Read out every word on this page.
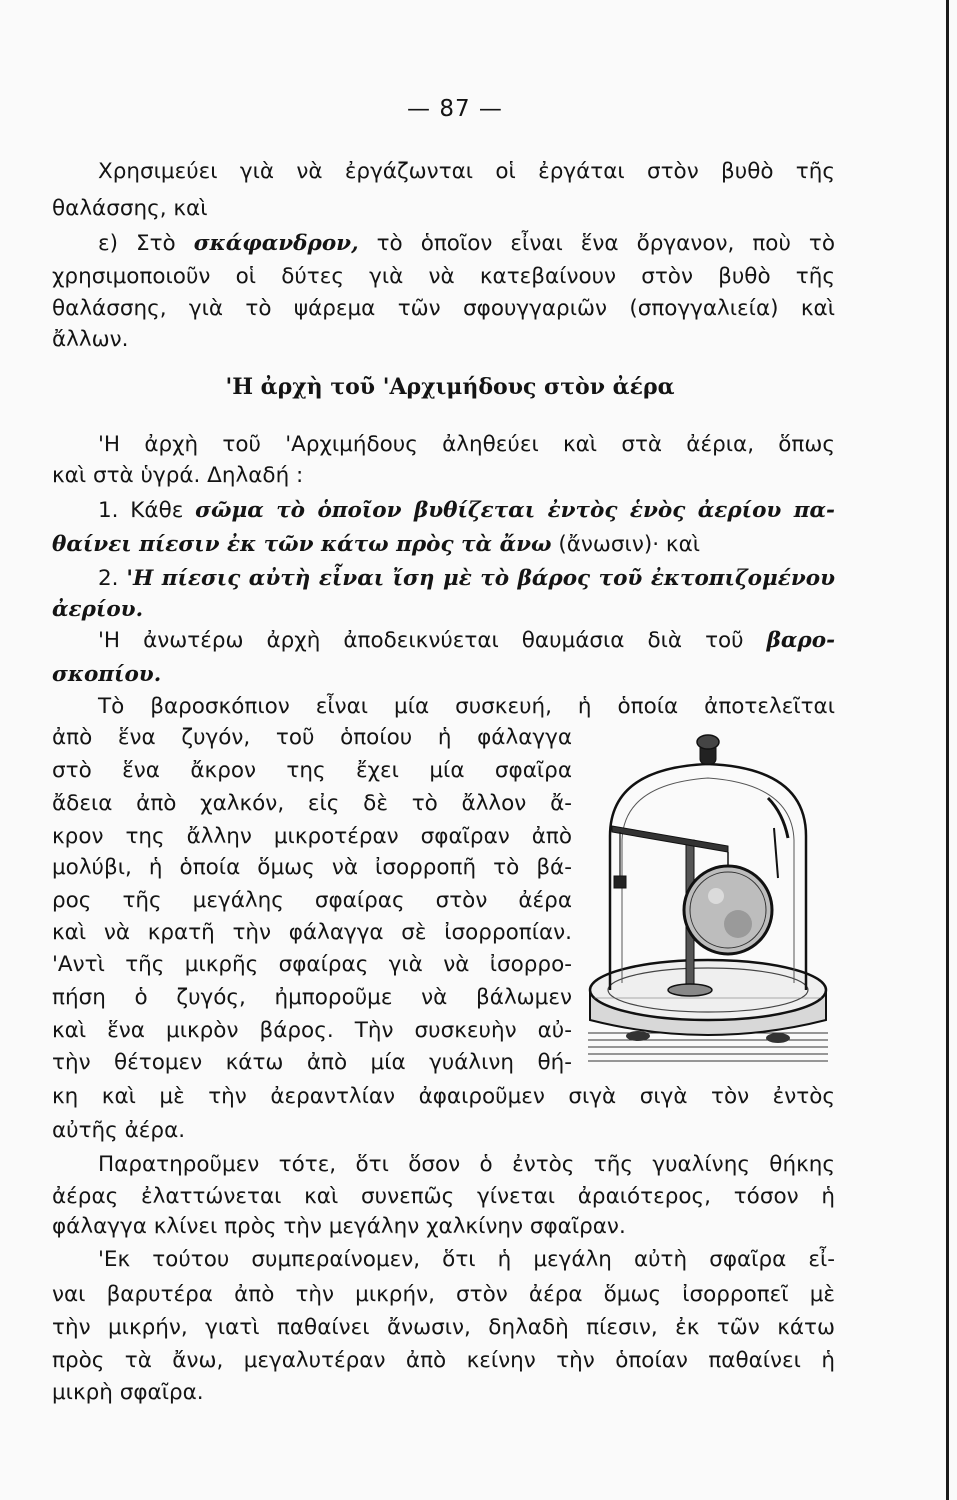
— 87 —
Χρησιμεύει γιὰ νὰ ἐργάζωνται οἱ ἐργάται στὸν βυθὸ τῆς
θαλάσσης, καὶ
ε) Στὸ σκάφανδρον, τὸ ὁποῖον εἶναι ἕνα ὄργανον, ποὺ τὸ
χρησιμοποιοῦν οἱ δύτες γιὰ νὰ κατεβαίνουν στὸν βυθὸ τῆς
θαλάσσης, γιὰ τὸ ψάρεμα τῶν σφουγγαριῶν (σπογγαλιεία) καὶ
ἄλλων.
'Η ἀρχὴ τοῦ 'Αρχιμήδους στὸν ἀέρα
'Η ἀρχὴ τοῦ 'Αρχιμήδους ἀληθεύει καὶ στὰ ἀέρια, ὅπως
καὶ στὰ ὑγρά. Δηλαδή :
1. Κάθε σῶμα τὸ ὁποῖον βυθίζεται ἐντὸς ἑνὸς ἀερίου πα-
θαίνει πίεσιν ἐκ τῶν κάτω πρὸς τὰ ἄνω (ἄνωσιν)· καὶ
2. 'Η πίεσις αὐτὴ εἶναι ἴση μὲ τὸ βάρος τοῦ ἐκτοπιζομένου
ἀερίου.
'Η ἀνωτέρω ἀρχὴ ἀποδεικνύεται θαυμάσια διὰ τοῦ βαρο-
σκοπίου.
Τὸ βαροσκόπιον εἶναι μία συσκευή, ἡ ὁποία ἀποτελεῖται
ἀπὸ ἕνα ζυγόν, τοῦ ὁποίου ἡ φάλαγγα
στὸ ἕνα ἄκρον της ἔχει μία σφαῖρα
ἄδεια ἀπὸ χαλκόν, εἰς δὲ τὸ ἄλλον ἄ-
κρον της ἄλλην μικροτέραν σφαῖραν ἀπὸ
μολύβι, ἡ ὁποία ὅμως νὰ ἰσορροπῆ τὸ βά-
ρος τῆς μεγάλης σφαίρας στὸν ἀέρα
καὶ νὰ κρατῆ τὴν φάλαγγα σὲ ἰσορροπίαν.
'Αντὶ τῆς μικρῆς σφαίρας γιὰ νὰ ἰσορρο-
πήση ὁ ζυγός, ἠμποροῦμε νὰ βάλωμεν
καὶ ἕνα μικρὸν βάρος. Τὴν συσκευὴν αὐ-
τὴν θέτομεν κάτω ἀπὸ μία γυάλινη θή-
κη καὶ μὲ τὴν ἀεραντλίαν ἀφαιροῦμεν σιγὰ σιγὰ τὸν ἐντὸς
αὐτῆς ἀέρα.
Παρατηροῦμεν τότε, ὅτι ὅσον ὁ ἐντὸς τῆς γυαλίνης θήκης
ἀέρας ἐλαττώνεται καὶ συνεπῶς γίνεται ἀραιότερος, τόσον ἡ
φάλαγγα κλίνει πρὸς τὴν μεγάλην χαλκίνην σφαῖραν.
'Εκ τούτου συμπεραίνομεν, ὅτι ἡ μεγάλη αὐτὴ σφαῖρα εἶ-
ναι βαρυτέρα ἀπὸ τὴν μικρήν, στὸν ἀέρα ὅμως ἰσορροπεῖ μὲ
τὴν μικρήν, γιατὶ παθαίνει ἄνωσιν, δηλαδὴ πίεσιν, ἐκ τῶν κάτω
πρὸς τὰ ἄνω, μεγαλυτέραν ἀπὸ κείνην τὴν ὁποίαν παθαίνει ἡ
μικρὴ σφαῖρα.
